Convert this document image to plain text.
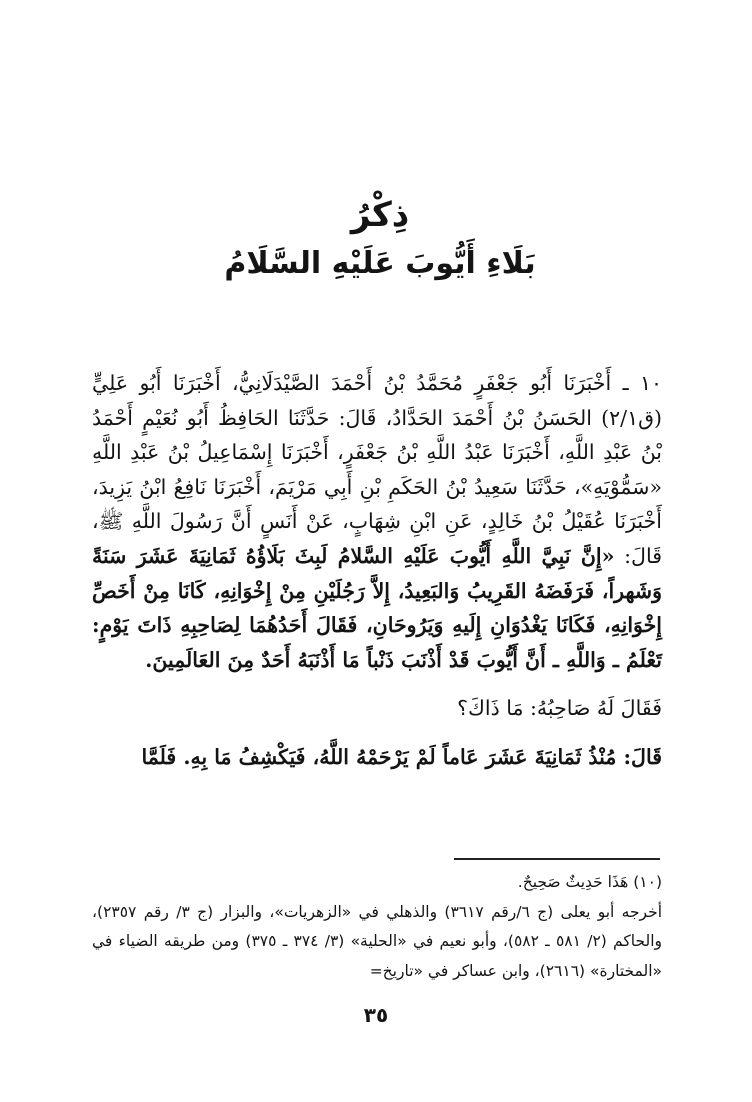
ذِكْرُ
بَلَاءِ أَيُّوبَ عَلَيْهِ السَّلَامُ

١٠ ـ أَخْبَرَنَا أَبُو جَعْفَرٍ مُحَمَّدُ بْنُ أَحْمَدَ الصَّيْدَلَانِيُّ، أَخْبَرَنَا أَبُو عَلِيٍّ (ق٢/١) الحَسَنُ بْنُ أَحْمَدَ الحَدَّادُ، قَالَ: حَدَّثَنَا الحَافِظُ أَبُو نُعَيْمٍ أَحْمَدُ بْنُ عَبْدِ اللَّهِ، أَخْبَرَنَا عَبْدُ اللَّهِ بْنُ جَعْفَرٍ، أَخْبَرَنَا إِسْمَاعِيلُ بْنُ عَبْدِ اللَّهِ «سَمُّوْيَهِ»، حَدَّثَنَا سَعِيدُ بْنُ الحَكَمِ بْنِ أَبِي مَرْيَمَ، أَخْبَرَنَا نَافِعُ ابْنُ يَزِيدَ، أَخْبَرَنَا عُقَيْلُ بْنُ خَالِدٍ، عَنِ ابْنِ شِهَابٍ، عَنْ أَنَسٍ أَنَّ رَسُولَ اللَّهِ ﷺ، قَالَ: «إِنَّ نَبِيَّ اللَّهِ أَيُّوبَ عَلَيْهِ السَّلامُ لَبِثَ بَلَاؤُهُ ثَمَانِيَةَ عَشَرَ سَنَةً وَشَهراً، فَرَفَضَهُ القَرِيبُ وَالبَعِيدُ، إِلاَّ رَجُلَيْنِ مِنْ إِخْوَانِهِ، كَانَا مِنْ أَخَصِّ إِخْوَانِهِ، فَكَانَا يَغْدُوَانِ إِلَيهِ وَيَرُوحَانِ، فَقَالَ أَحَدُهُمَا لِصَاحِبِهِ ذَاتَ يَوْمٍ: تَعْلَمُ ـ وَاللَّهِ ـ أَنَّ أَيُّوبَ قَدْ أَذْنَبَ ذَنْباً مَا أَذْنَبَهُ أَحَدٌ مِنَ العَالَمِينَ.

فَقَالَ لَهُ صَاحِبُهُ: مَا ذَاكَ؟

قَالَ: مُنْذُ ثَمَانِيَةَ عَشَرَ عَاماً لَمْ يَرْحَمْهُ اللَّهُ، فَيَكْشِفُ مَا بِهِ. فَلَمَّا

(١٠) هَذَا حَدِيثٌ صَحِيحٌ.

أخرجه أبو يعلى (ج ٦/رقم ٣٦١٧) والذهلي في «الزهريات»، والبزار (ج ٣/ رقم ٢٣٥٧)، والحاكم (٢/ ٥٨١ ـ ٥٨٢)، وأبو نعيم في «الحلية» (٣/ ٣٧٤ ـ ٣٧٥) ومن طريقه الضياء في «المختارة» (٢٦١٦)، وابن عساكر في «تاريخ=

٣٥
